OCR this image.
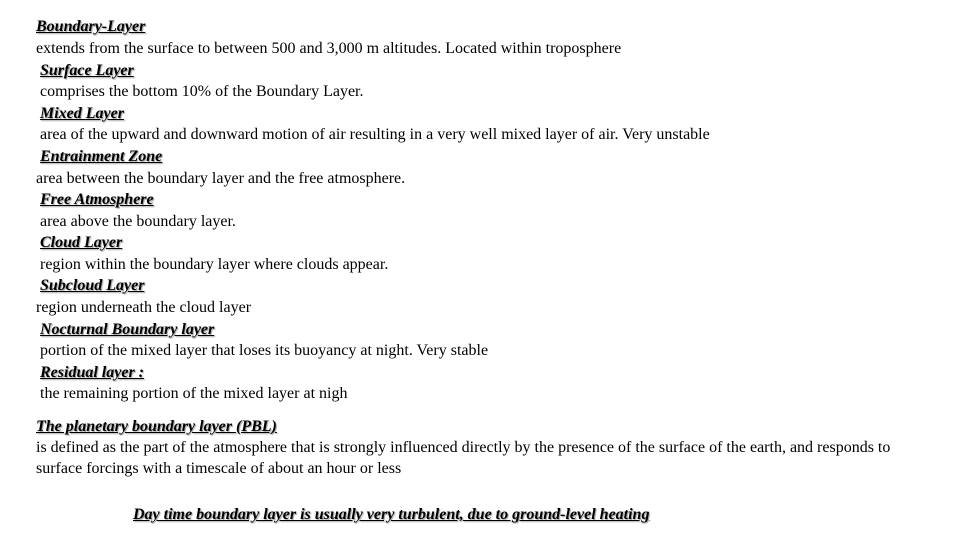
Boundary-Layer
extends from the surface to between 500 and 3,000 m altitudes. Located within troposphere
Surface Layer
comprises the bottom 10% of the Boundary Layer.
Mixed Layer
area of the upward and downward motion of air resulting in a very well mixed layer of air. Very unstable
Entrainment Zone
area between the boundary layer and the free atmosphere.
Free Atmosphere
area above the boundary layer.
Cloud Layer
region within the boundary layer where clouds appear.
Subcloud Layer
region underneath the cloud layer
Nocturnal Boundary layer
portion of the mixed layer that loses its buoyancy at night. Very stable
Residual layer :
the remaining portion of the mixed layer at nigh
The planetary boundary layer (PBL)
is defined as the part of the atmosphere that is strongly influenced directly by the presence of the surface of the earth, and responds to surface forcings with a timescale of about an hour or less
Day time boundary layer is usually very turbulent, due to ground-level heating
